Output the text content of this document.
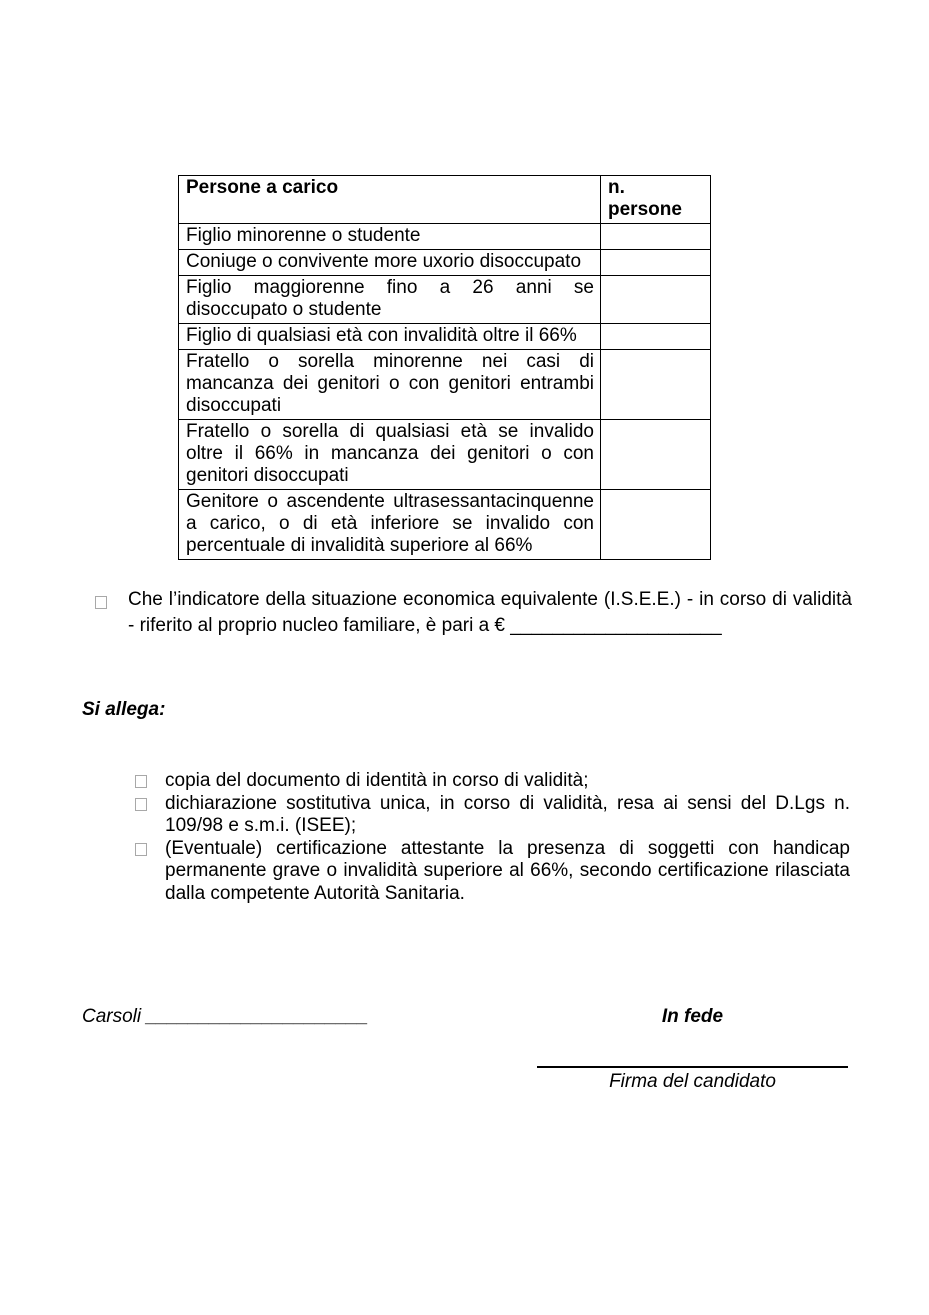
Persone a carico	n. persone
Figlio minorenne o studente	
Coniuge o convivente more uxorio disoccupato	
Figlio maggiorenne fino a 26 anni se disoccupato o studente	
Figlio di qualsiasi età con invalidità oltre il 66%	
Fratello o sorella minorenne nei casi di mancanza dei genitori o con genitori entrambi disoccupati	
Fratello o sorella di qualsiasi età se invalido oltre il 66% in mancanza dei genitori o con genitori disoccupati	
Genitore o ascendente ultrasessantacinquenne a carico, o di età inferiore se invalido con percentuale di invalidità superiore al 66%	
Che l’indicatore della situazione economica equivalente (I.S.E.E.) - in corso di validità
- riferito al proprio nucleo familiare, è pari a € ____________________
Si allega:
copia del documento di identità in corso di validità;
dichiarazione sostitutiva unica, in corso di validità, resa ai sensi del D.Lgs n. 109/98 e s.m.i. (ISEE);
(Eventuale) certificazione attestante la presenza di soggetti con handicap permanente grave o invalidità superiore al 66%, secondo certificazione rilasciata dalla competente Autorità Sanitaria.
Carsoli _____________________	In fede
Firma del candidato
